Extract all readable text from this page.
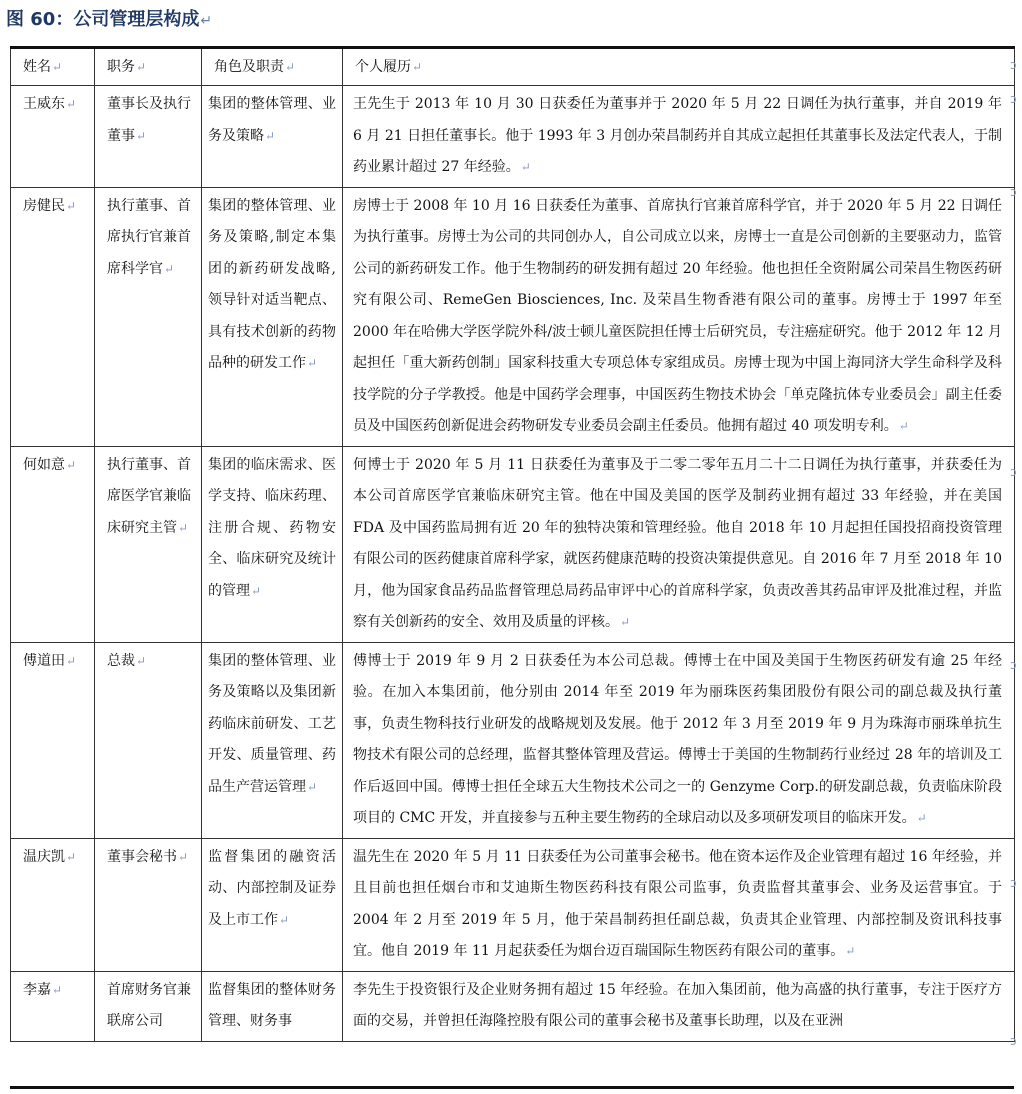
图 60：公司管理层构成↵
姓名↵	职务↵	角色及职责↵	个人履历↵
王威东↵	董事长及执行董事↵	集团的整体管理、业务及策略↵	王先生于 2013 年 10 月 30 日获委任为董事并于 2020 年 5 月 22 日调任为执行董事，并自 2019 年 6 月 21 日担任董事长。他于 1993 年 3 月创办荣昌制药并自其成立起担任其董事长及法定代表人，于制药业累计超过 27 年经验。↵
房健民↵	执行董事、首席执行官兼首席科学官↵	集团的整体管理、业务及策略,制定本集团的新药研发战略,领导针对适当靶点、具有技术创新的药物品种的研发工作↵	房博士于 2008 年 10 月 16 日获委任为董事、首席执行官兼首席科学官，并于 2020 年 5 月 22 日调任为执行董事。房博士为公司的共同创办人，自公司成立以来，房博士一直是公司创新的主要驱动力，监管公司的新药研发工作。他于生物制药的研发拥有超过 20 年经验。他也担任全资附属公司荣昌生物医药研究有限公司、RemeGen Biosciences, Inc. 及荣昌生物香港有限公司的董事。房博士于 1997 年至 2000 年在哈佛大学医学院外科/波士顿儿童医院担任博士后研究员，专注癌症研究。他于 2012 年 12 月起担任「重大新药创制」国家科技重大专项总体专家组成员。房博士现为中国上海同济大学生命科学及科技学院的分子学教授。他是中国药学会理事，中国医药生物技术协会「单克隆抗体专业委员会」副主任委员及中国医药创新促进会药物研发专业委员会副主任委员。他拥有超过 40 项发明专利。↵
何如意↵	执行董事、首席医学官兼临床研究主管↵	集团的临床需求、医学支持、临床药理、注册合规、药物安全、临床研究及统计的管理↵	何博士于 2020 年 5 月 11 日获委任为董事及于二零二零年五月二十二日调任为执行董事，并获委任为本公司首席医学官兼临床研究主管。他在中国及美国的医学及制药业拥有超过 33 年经验，并在美国 FDA 及中国药监局拥有近 20 年的独特决策和管理经验。他自 2018 年 10 月起担任国投招商投资管理有限公司的医药健康首席科学家，就医药健康范畴的投资决策提供意见。自 2016 年 7 月至 2018 年 10 月，他为国家食品药品监督管理总局药品审评中心的首席科学家，负责改善其药品审评及批准过程，并监察有关创新药的安全、效用及质量的评核。↵
傅道田↵	总裁↵	集团的整体管理、业务及策略以及集团新药临床前研发、工艺开发、质量管理、药品生产营运管理↵	傅博士于 2019 年 9 月 2 日获委任为本公司总裁。傅博士在中国及美国于生物医药研发有逾 25 年经验。在加入本集团前，他分别由 2014 年至 2019 年为丽珠医药集团股份有限公司的副总裁及执行董事，负责生物科技行业研发的战略规划及发展。他于 2012 年 3 月至 2019 年 9 月为珠海市丽珠单抗生物技术有限公司的总经理，监督其整体管理及营运。傅博士于美国的生物制药行业经过 28 年的培训及工作后返回中国。傅博士担任全球五大生物技术公司之一的 Genzyme Corp.的研发副总裁，负责临床阶段项目的 CMC 开发，并直接参与五种主要生物药的全球启动以及多项研发项目的临床开发。↵
温庆凯↵	董事会秘书↵	监督集团的融资活动、内部控制及证券及上市工作↵	温先生在 2020 年 5 月 11 日获委任为公司董事会秘书。他在资本运作及企业管理有超过 16 年经验，并且目前也担任烟台市和艾迪斯生物医药科技有限公司监事，负责监督其董事会、业务及运营事宜。于 2004 年 2 月至 2019 年 5 月，他于荣昌制药担任副总裁，负责其企业管理、内部控制及资讯科技事宜。他自 2019 年 11 月起获委任为烟台迈百瑞国际生物医药有限公司的董事。↵
李嘉↵	首席财务官兼联席公司	监督集团的整体财务管理、财务事	李先生于投资银行及企业财务拥有超过 15 年经验。在加入集团前，他为高盛的执行董事，专注于医疗方面的交易，并曾担任海隆控股有限公司的董事会秘书及董事长助理，以及在亚洲
ↄ
ↄ
ↄ
ↄ
ↄ
ↄ
ↄ
